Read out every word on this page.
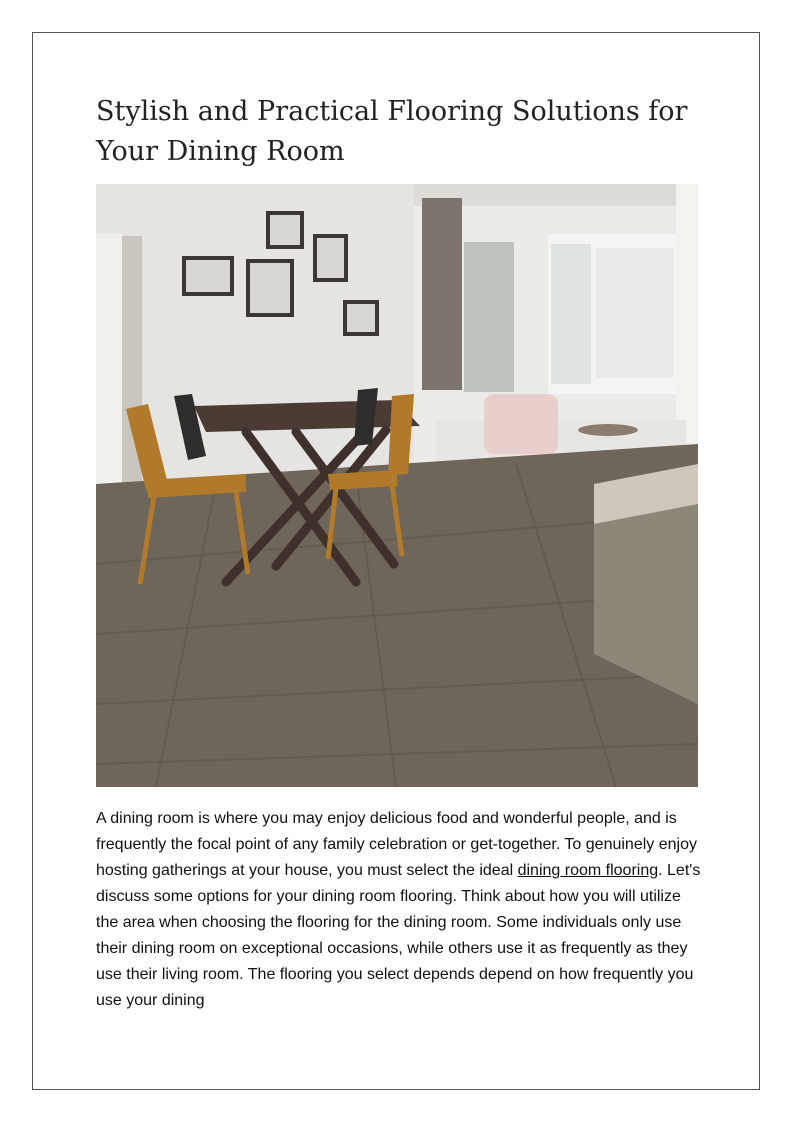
Stylish and Practical Flooring Solutions for Your Dining Room

A dining room is where you may enjoy delicious food and wonderful people, and is frequently the focal point of any family celebration or get-together. To genuinely enjoy hosting gatherings at your house, you must select the ideal dining room flooring. Let's discuss some options for your dining room flooring. Think about how you will utilize the area when choosing the flooring for the dining room. Some individuals only use their dining room on exceptional occasions, while others use it as frequently as they use their living room. The flooring you select depends depend on how frequently you use your dining
